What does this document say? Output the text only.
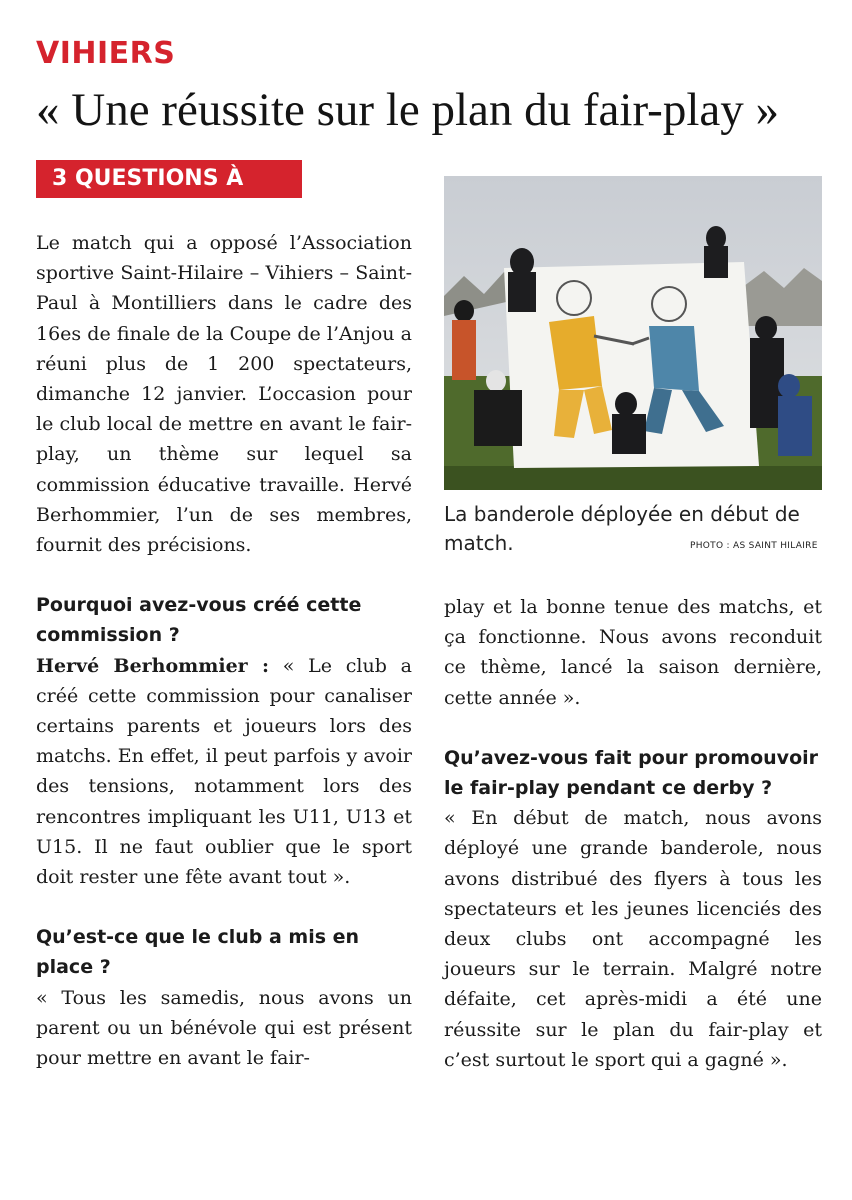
VIHIERS
« Une réussite sur le plan du fair-play »
3 QUESTIONS À

Le match qui a opposé l’Association sportive Saint-Hilaire – Vihiers – Saint-Paul à Montilliers dans le cadre des 16es de finale de la Coupe de l’Anjou a réuni plus de 1 200 spectateurs, dimanche 12 janvier. L’occasion pour le club local de mettre en avant le fair-play, un thème sur lequel sa commission éducative travaille. Hervé Berhommier, l’un de ses membres, fournit des précisions.

Pourquoi avez-vous créé cette commission ?

Hervé Berhommier : « Le club a créé cette commission pour canaliser certains parents et joueurs lors des matchs. En effet, il peut parfois y avoir des tensions, notamment lors des rencontres impliquant les U11, U13 et U15. Il ne faut oublier que le sport doit rester une fête avant tout ».

Qu’est-ce que le club a mis en place ?

« Tous les samedis, nous avons un parent ou un bénévole qui est présent pour mettre en avant le fair-

La banderole déployée en début de match.	PHOTO : AS SAINT HILAIRE

play et la bonne tenue des matchs, et ça fonctionne. Nous avons reconduit ce thème, lancé la saison dernière, cette année ».

Qu’avez-vous fait pour promouvoir le fair-play pendant ce derby ?

« En début de match, nous avons déployé une grande banderole, nous avons distribué des flyers à tous les spectateurs et les jeunes licenciés des deux clubs ont accompagné les joueurs sur le terrain. Malgré notre défaite, cet après-midi a été une réussite sur le plan du fair-play et c’est surtout le sport qui a gagné ».
